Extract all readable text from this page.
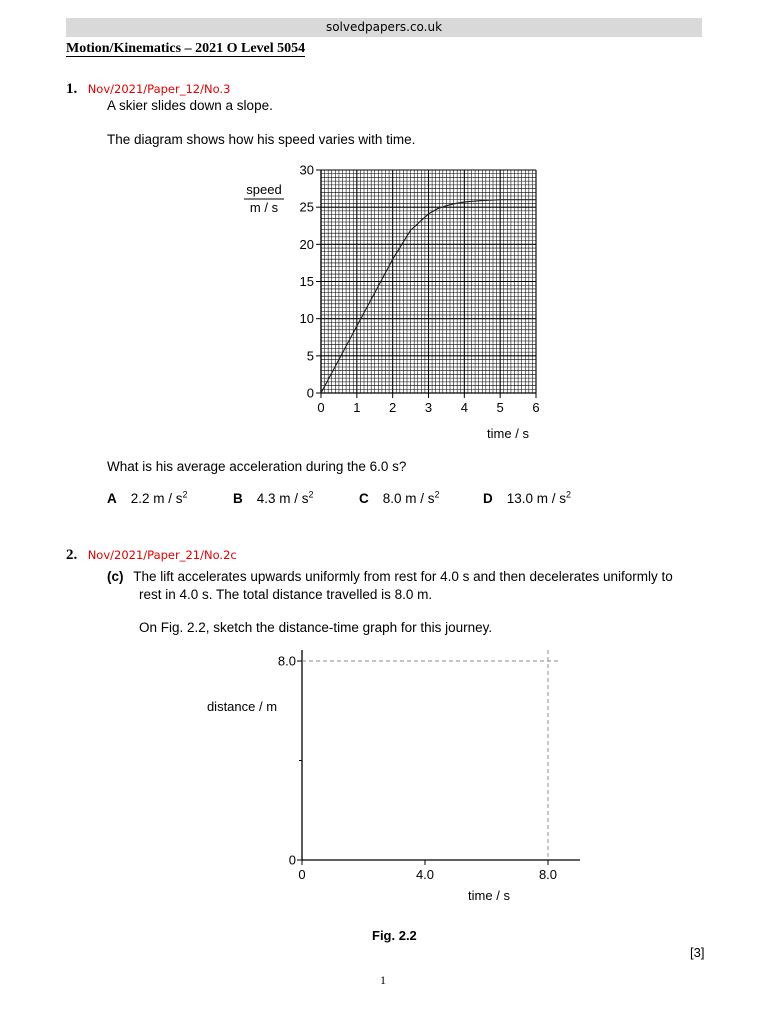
solvedpapers.co.uk
Motion/Kinematics – 2021 O Level 5054
1. Nov/2021/Paper_12/No.3
A skier slides down a slope.
The diagram shows how his speed varies with time.
0 1 2 3 4 5 6
0
5
10
15
20
25
30
speed
m / s
time / s
0	4.0	8.0
0
8.0
distance / m
time / s
What is his average acceleration during the 6.0 s?
A 2.2 m / $s^2$	B 4.3 m / $s^2$	C 8.0 m / $s^2$	D 13.0 m / $s^2$
2. Nov/2021/Paper_21/No.2c
(c) The lift accelerates upwards uniformly from rest for 4.0 s and then decelerates uniformly to
rest in 4.0 s. The total distance travelled is 8.0 m.
On Fig. 2.2, sketch the distance-time graph for this journey.
Fig. 2.2
[3]
1
